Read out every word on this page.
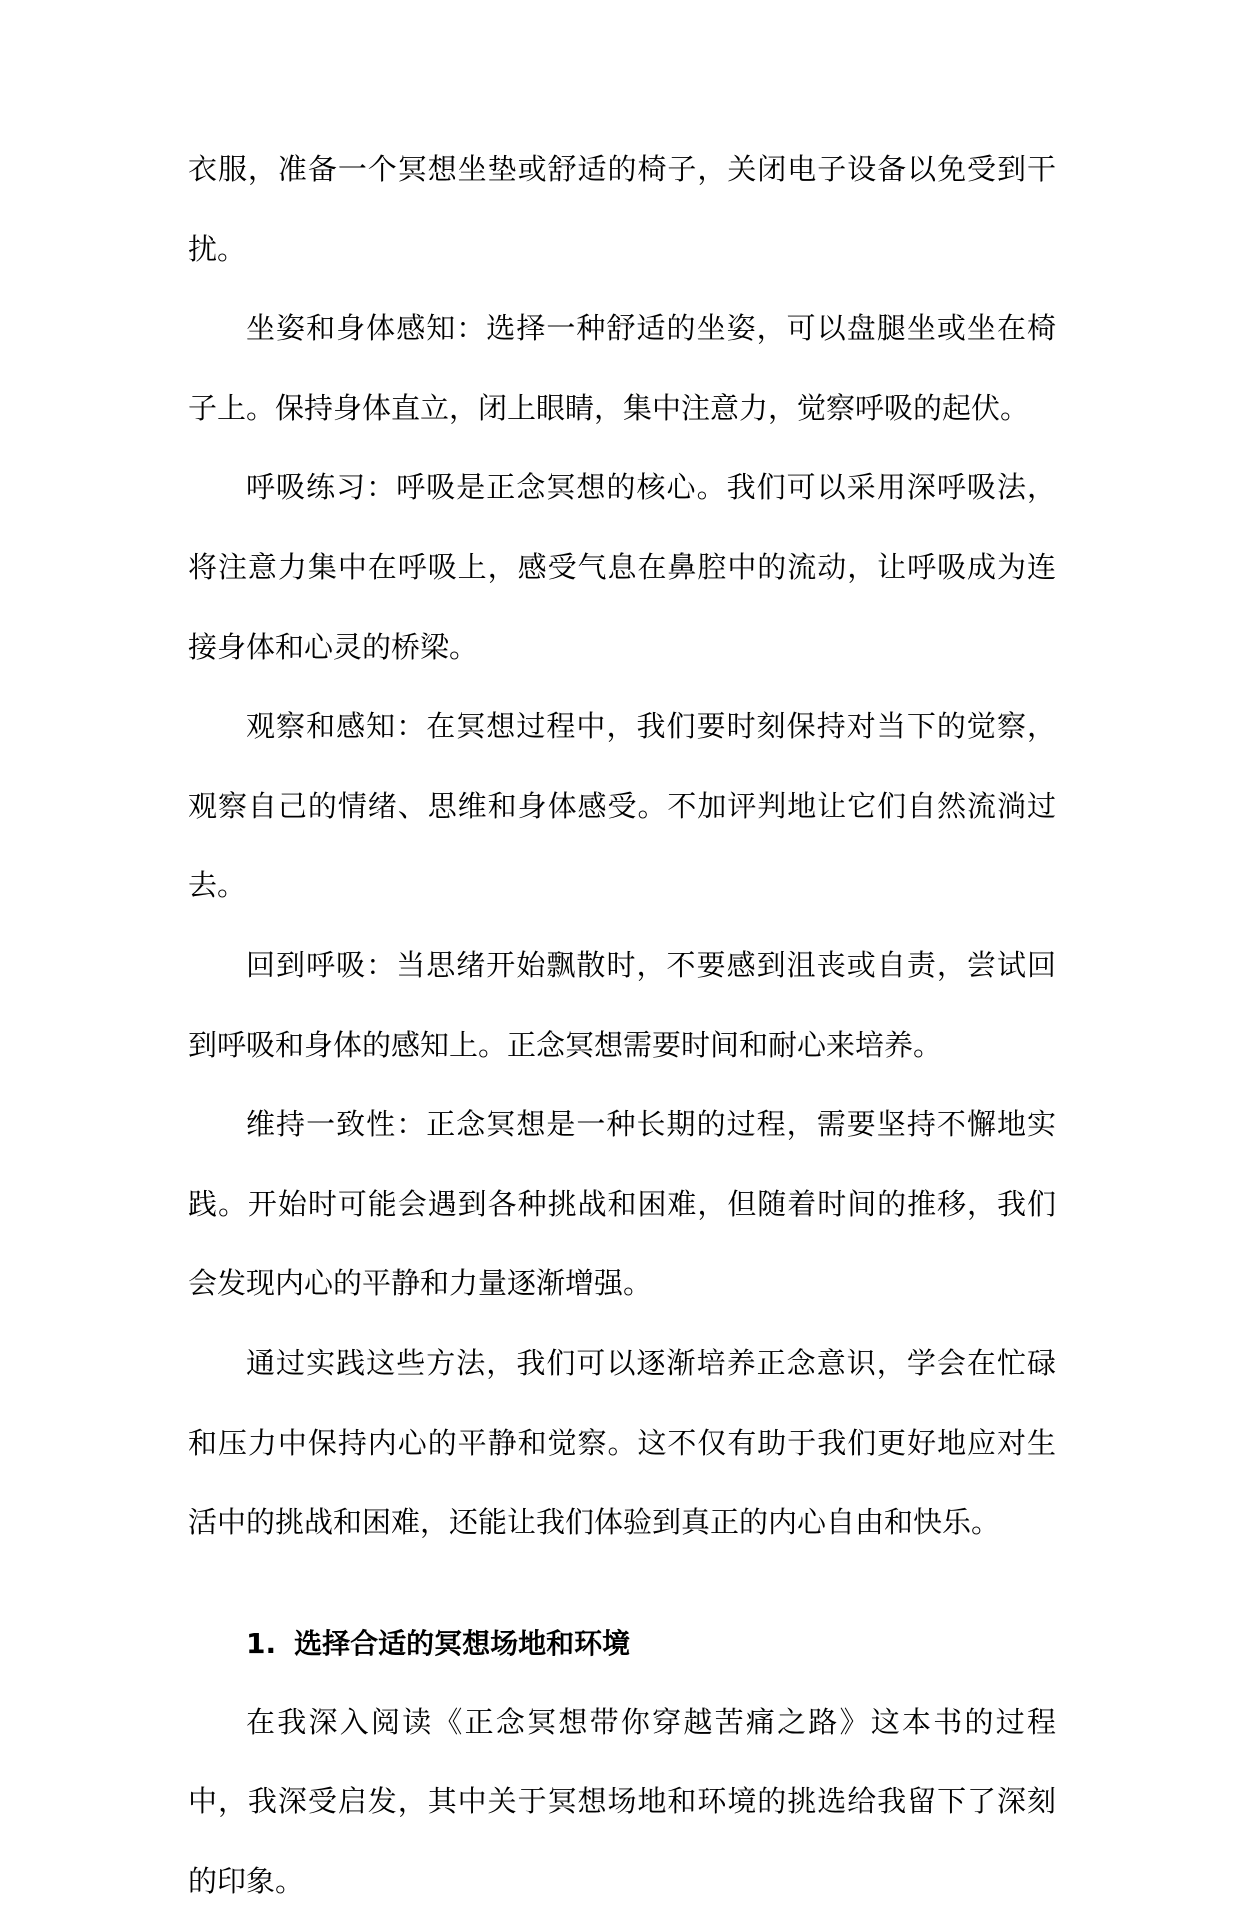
衣服，准备一个冥想坐垫或舒适的椅子，关闭电子设备以免受到干扰。

坐姿和身体感知：选择一种舒适的坐姿，可以盘腿坐或坐在椅子上。保持身体直立，闭上眼睛，集中注意力，觉察呼吸的起伏。

呼吸练习：呼吸是正念冥想的核心。我们可以采用深呼吸法，将注意力集中在呼吸上，感受气息在鼻腔中的流动，让呼吸成为连接身体和心灵的桥梁。

观察和感知：在冥想过程中，我们要时刻保持对当下的觉察，观察自己的情绪、思维和身体感受。不加评判地让它们自然流淌过去。

回到呼吸：当思绪开始飘散时，不要感到沮丧或自责，尝试回到呼吸和身体的感知上。正念冥想需要时间和耐心来培养。

维持一致性：正念冥想是一种长期的过程，需要坚持不懈地实践。开始时可能会遇到各种挑战和困难，但随着时间的推移，我们会发现内心的平静和力量逐渐增强。

通过实践这些方法，我们可以逐渐培养正念意识，学会在忙碌和压力中保持内心的平静和觉察。这不仅有助于我们更好地应对生活中的挑战和困难，还能让我们体验到真正的内心自由和快乐。

1. 选择合适的冥想场地和环境

在我深入阅读《正念冥想带你穿越苦痛之路》这本书的过程中，我深受启发，其中关于冥想场地和环境的挑选给我留下了深刻的印象。
